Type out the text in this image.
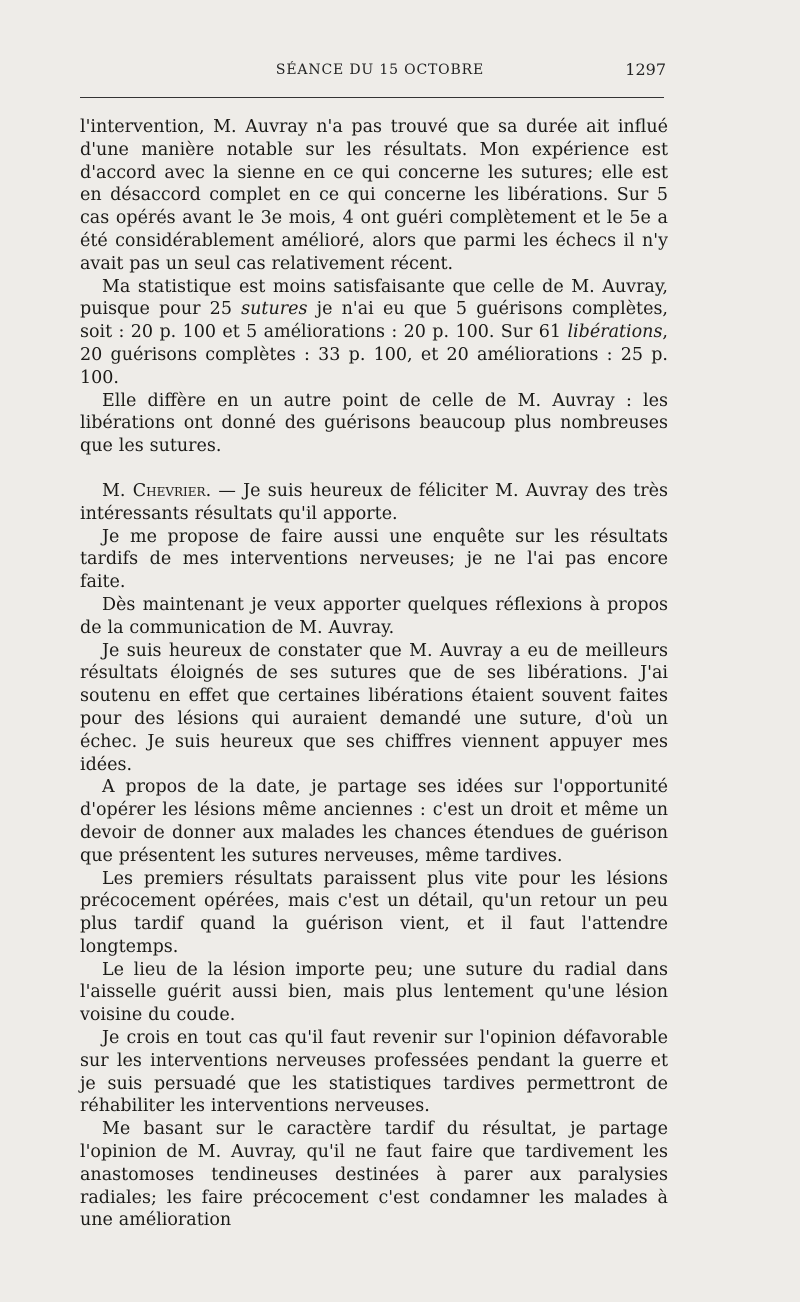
SÉANCE DU 15 OCTOBRE	1297

l'intervention, M. Auvray n'a pas trouvé que sa durée ait influé d'une manière notable sur les résultats. Mon expérience est d'accord avec la sienne en ce qui concerne les sutures; elle est en désaccord complet en ce qui concerne les libérations. Sur 5 cas opérés avant le 3e mois, 4 ont guéri complètement et le 5e a été considérablement amélioré, alors que parmi les échecs il n'y avait pas un seul cas relativement récent.

Ma statistique est moins satisfaisante que celle de M. Auvray, puisque pour 25 sutures je n'ai eu que 5 guérisons complètes, soit : 20 p. 100 et 5 améliorations : 20 p. 100. Sur 61 libérations, 20 guérisons complètes : 33 p. 100, et 20 améliorations : 25 p. 100.

Elle diffère en un autre point de celle de M. Auvray : les libérations ont donné des guérisons beaucoup plus nombreuses que les sutures.

M. Chevrier. — Je suis heureux de féliciter M. Auvray des très intéressants résultats qu'il apporte.

Je me propose de faire aussi une enquête sur les résultats tardifs de mes interventions nerveuses; je ne l'ai pas encore faite.

Dès maintenant je veux apporter quelques réflexions à propos de la communication de M. Auvray.

Je suis heureux de constater que M. Auvray a eu de meilleurs résultats éloignés de ses sutures que de ses libérations. J'ai soutenu en effet que certaines libérations étaient souvent faites pour des lésions qui auraient demandé une suture, d'où un échec. Je suis heureux que ses chiffres viennent appuyer mes idées.

A propos de la date, je partage ses idées sur l'opportunité d'opérer les lésions même anciennes : c'est un droit et même un devoir de donner aux malades les chances étendues de guérison que présentent les sutures nerveuses, même tardives.

Les premiers résultats paraissent plus vite pour les lésions précocement opérées, mais c'est un détail, qu'un retour un peu plus tardif quand la guérison vient, et il faut l'attendre longtemps.

Le lieu de la lésion importe peu; une suture du radial dans l'aisselle guérit aussi bien, mais plus lentement qu'une lésion voisine du coude.

Je crois en tout cas qu'il faut revenir sur l'opinion défavorable sur les interventions nerveuses professées pendant la guerre et je suis persuadé que les statistiques tardives permettront de réhabiliter les interventions nerveuses.

Me basant sur le caractère tardif du résultat, je partage l'opinion de M. Auvray, qu'il ne faut faire que tardivement les anastomoses tendineuses destinées à parer aux paralysies radiales; les faire précocement c'est condamner les malades à une amélioration
